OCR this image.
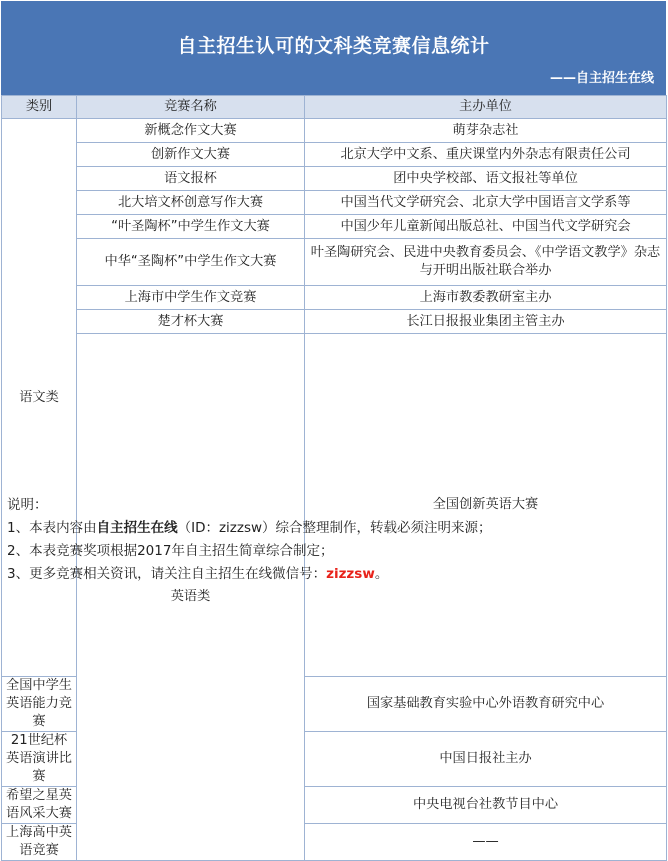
自主招生认可的文科类竞赛信息统计
——自主招生在线
类别	竞赛名称	主办单位	
语文类	新概念作文大赛	萌芽杂志社	
	创新作文大赛	北京大学中文系、重庆课堂内外杂志有限责任公司	
	语文报杯	团中央学校部、语文报社等单位	
	北大培文杯创意写作大赛	中国当代文学研究会、北京大学中国语言文学系等	
	“叶圣陶杯”中学生作文大赛	中国少年儿童新闻出版总社、中国当代文学研究会	
	中华“圣陶杯”中学生作文大赛	叶圣陶研究会、民进中央教育委员会、《中学语文教学》杂志与开明出版社联合举办	
	上海市中学生作文竞赛	上海市教委教研室主办	
	楚才杯大赛	长江日报报业集团主管主办	
	英语类	全国创新英语大赛	
全国中学生英语能力竞赛		国家基础教育实验中心外语教育研究中心	
21世纪杯英语演讲比赛		中国日报社主办	
希望之星英语风采大赛		中央电视台社教节目中心	
上海高中英语竞赛		——	
说明：
1、本表内容由自主招生在线（ID：zizzsw）综合整理制作，转载必须注明来源；
2、本表竞赛奖项根据2017年自主招生简章综合制定；
3、更多竞赛相关资讯，请关注自主招生在线微信号：zizzsw。
